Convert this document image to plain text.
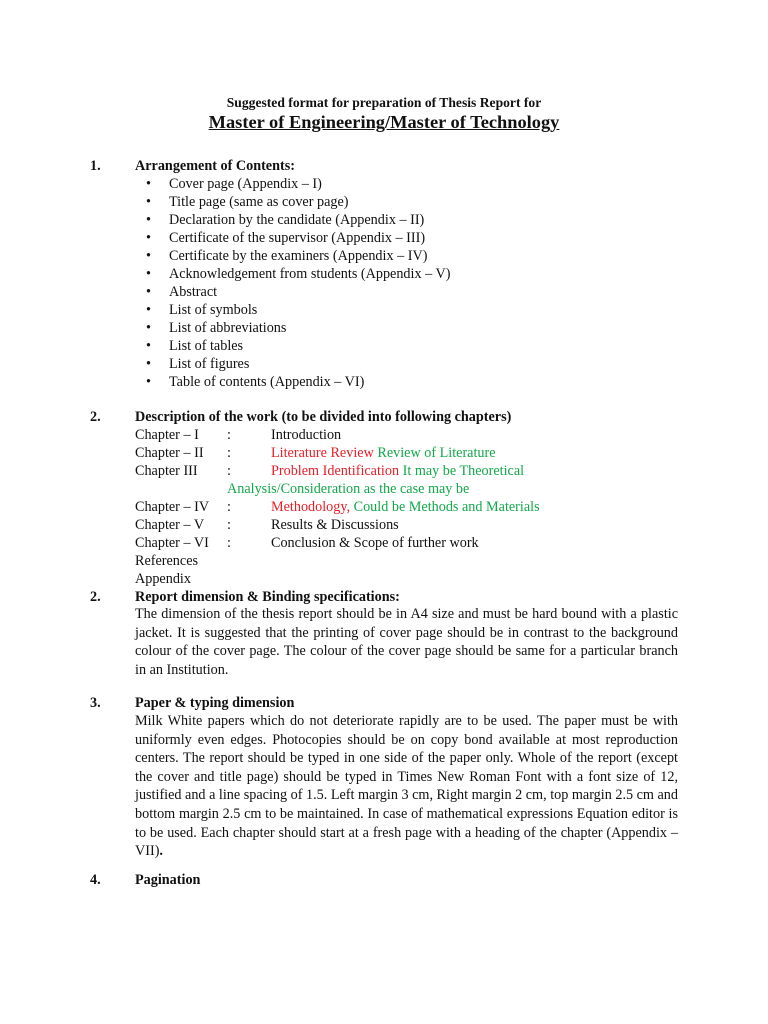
Suggested format for preparation of Thesis Report for
Master of Engineering/Master of Technology
1. Arrangement of Contents:
• Cover page (Appendix – I)
• Title page (same as cover page)
• Declaration by the candidate (Appendix – II)
• Certificate of the supervisor (Appendix – III)
• Certificate by the examiners (Appendix – IV)
• Acknowledgement from students (Appendix – V)
• Abstract
• List of symbols
• List of abbreviations
• List of tables
• List of figures
• Table of contents (Appendix – VI)
2. Description of the work (to be divided into following chapters)
Chapter – I :	Introduction
Chapter – II :	Literature Review Review of Literature
Chapter III :	Problem Identification It may be Theoretical
Analysis/Consideration as the case may be
Chapter – IV :	Methodology, Could be Methods and Materials
Chapter – V :	Results & Discussions
Chapter – VI :	Conclusion & Scope of further work
References
Appendix
2. Report dimension & Binding specifications:
The dimension of the thesis report should be in A4 size and must be hard bound with a plastic jacket. It is suggested that the printing of cover page should be in contrast to the background colour of the cover page. The colour of the cover page should be same for a particular branch in an Institution.
3. Paper & typing dimension
Milk White papers which do not deteriorate rapidly are to be used. The paper must be with uniformly even edges. Photocopies should be on copy bond available at most reproduction centers. The report should be typed in one side of the paper only. Whole of the report (except the cover and title page) should be typed in Times New Roman Font with a font size of 12, justified and a line spacing of 1.5. Left margin 3 cm, Right margin 2 cm, top margin 2.5 cm and bottom margin 2.5 cm to be maintained. In case of mathematical expressions Equation editor is to be used. Each chapter should start at a fresh page with a heading of the chapter (Appendix – VII).
4. Pagination
